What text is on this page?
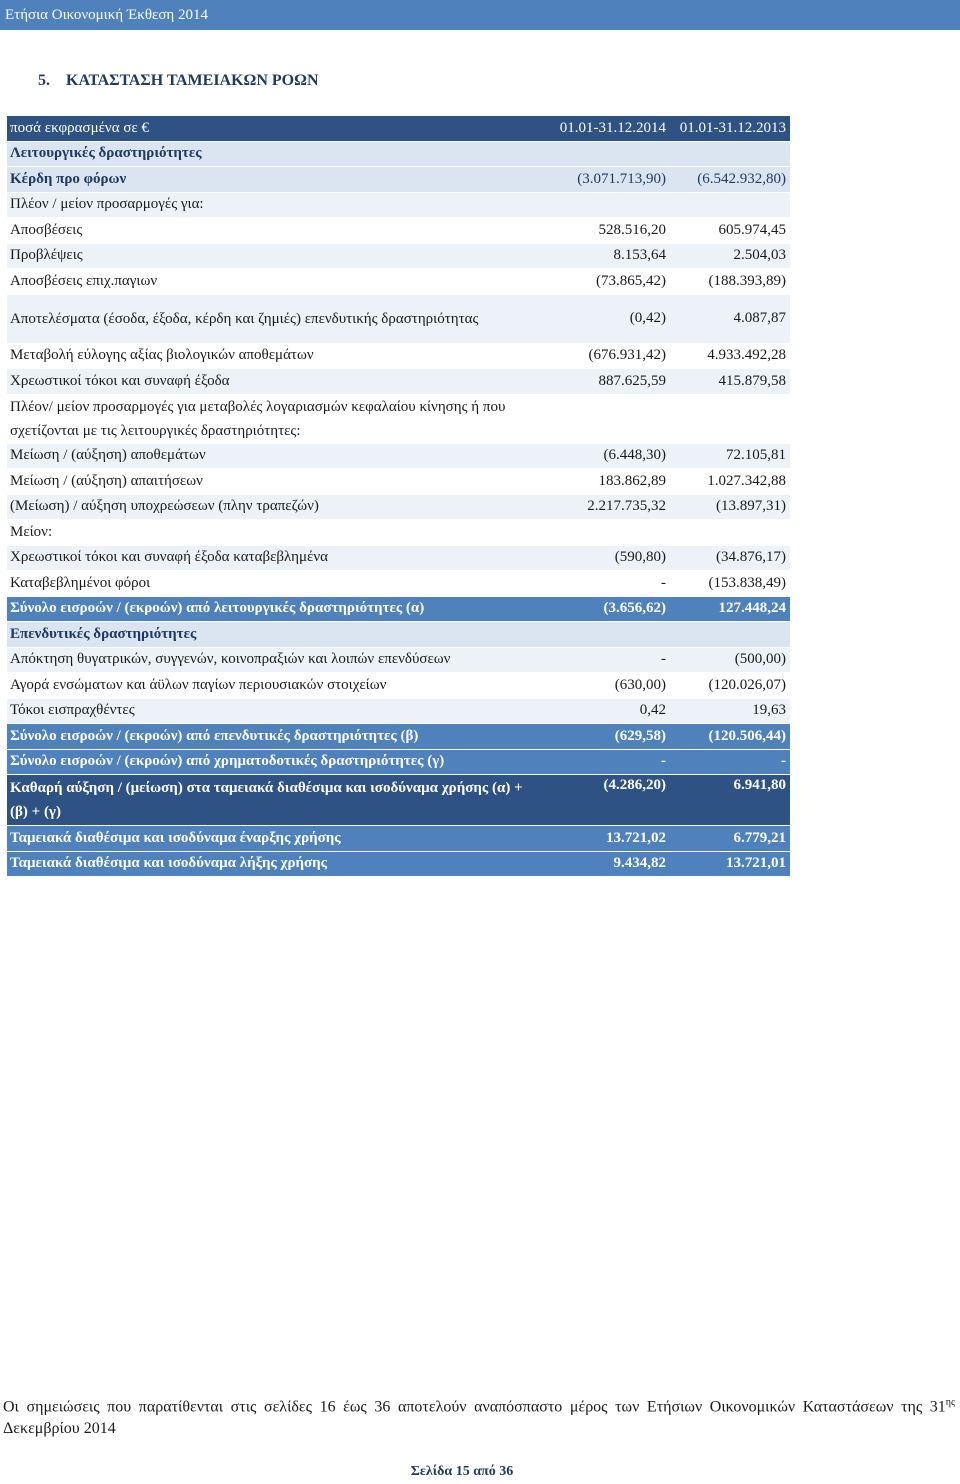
Ετήσια Οικονομική Έκθεση 2014
5. ΚΑΤΑΣΤΑΣΗ ΤΑΜΕΙΑΚΩΝ ΡΟΩΝ
ποσά εκφρασμένα σε €	01.01-31.12.2014	01.01-31.12.2013
Λειτουργικές δραστηριότητες		
Κέρδη προ φόρων	(3.071.713,90)	(6.542.932,80)
Πλέον / μείον προσαρμογές για:		
Αποσβέσεις	528.516,20	605.974,45
Προβλέψεις	8.153,64	2.504,03
Αποσβέσεις επιχ.παγιων	(73.865,42)	(188.393,89)
Αποτελέσματα (έσοδα, έξοδα, κέρδη και ζημιές) επενδυτικής δραστηριότητας	(0,42)	4.087,87
Μεταβολή εύλογης αξίας βιολογικών αποθεμάτων	(676.931,42)	4.933.492,28
Χρεωστικοί τόκοι και συναφή έξοδα	887.625,59	415.879,58
Πλέον/ μείον προσαρμογές για μεταβολές λογαριασμών κεφαλαίου κίνησης ή που σχετίζονται με τις λειτουργικές δραστηριότητες:		
Μείωση / (αύξηση) αποθεμάτων	(6.448,30)	72.105,81
Μείωση / (αύξηση) απαιτήσεων	183.862,89	1.027.342,88
(Μείωση) / αύξηση υποχρεώσεων (πλην τραπεζών)	2.217.735,32	(13.897,31)
Μείον:		
Χρεωστικοί τόκοι και συναφή έξοδα καταβεβλημένα	(590,80)	(34.876,17)
Καταβεβλημένοι φόροι	-	(153.838,49)
Σύνολο εισροών / (εκροών) από λειτουργικές δραστηριότητες (α)	(3.656,62)	127.448,24
Επενδυτικές δραστηριότητες		
Απόκτηση θυγατρικών, συγγενών, κοινοπραξιών και λοιπών επενδύσεων	-	(500,00)
Αγορά ενσώματων και άϋλων παγίων περιουσιακών στοιχείων	(630,00)	(120.026,07)
Τόκοι εισπραχθέντες	0,42	19,63
Σύνολο εισροών / (εκροών) από επενδυτικές δραστηριότητες (β)	(629,58)	(120.506,44)
Σύνολο εισροών / (εκροών) από χρηματοδοτικές δραστηριότητες (γ)	-	-
Καθαρή αύξηση / (μείωση) στα ταμειακά διαθέσιμα και ισοδύναμα χρήσης (α) + (β) + (γ)	(4.286,20)	6.941,80
Ταμειακά διαθέσιμα και ισοδύναμα έναρξης χρήσης	13.721,02	6.779,21
Ταμειακά διαθέσιμα και ισοδύναμα λήξης χρήσης	9.434,82	13.721,01
Οι σημειώσεις που παρατίθενται στις σελίδες 16 έως 36 αποτελούν αναπόσπαστο μέρος των Ετήσιων Οικονομικών Καταστάσεων της $31^{\eta\varsigma}$ Δεκεμβρίου 2014
Σελίδα 15 από 36
